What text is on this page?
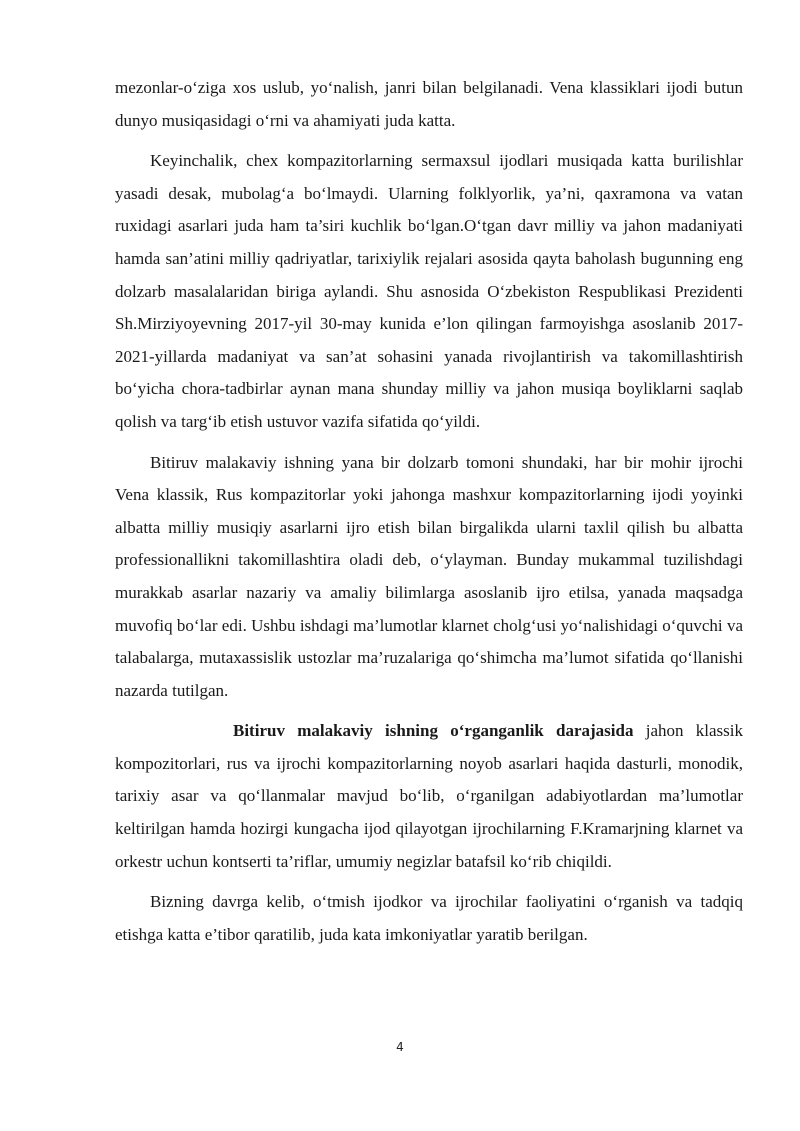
mezonlar-o‘ziga xos uslub, yo‘nalish, janri bilan belgilanadi. Vena klassiklari ijodi butun dunyo musiqasidagi o‘rni va ahamiyati juda katta.

Keyinchalik, chex kompazitorlarning sermaxsul ijodlari musiqada katta burilishlar yasadi desak, mubolag‘a bo‘lmaydi. Ularning folklyorlik, ya’ni, qaxramona va vatan ruxidagi asarlari juda ham ta’siri kuchlik bo‘lgan.O‘tgan davr milliy va jahon madaniyati hamda san’atini milliy qadriyatlar, tarixiylik rejalari asosida qayta baholash bugunning eng dolzarb masalalaridan biriga aylandi. Shu asnosida O‘zbekiston Respublikasi Prezidenti Sh.Mirziyoyevning 2017-yil 30-may kunida e’lon qilingan farmoyishga asoslanib 2017-2021-yillarda madaniyat va san’at sohasini yanada rivojlantirish va takomillashtirish bo‘yicha chora-tadbirlar aynan mana shunday milliy va jahon musiqa boyliklarni saqlab qolish va targ‘ib etish ustuvor vazifa sifatida qo‘yildi.

Bitiruv malakaviy ishning yana bir dolzarb tomoni shundaki, har bir mohir ijrochi Vena klassik, Rus kompazitorlar yoki jahonga mashxur kompazitorlarning ijodi yoyinki albatta milliy musiqiy asarlarni ijro etish bilan birgalikda ularni taxlil qilish bu albatta professionallikni takomillashtira oladi deb, o‘ylayman. Bunday mukammal tuzilishdagi murakkab asarlar nazariy va amaliy bilimlarga asoslanib ijro etilsa, yanada maqsadga muvofiq bo‘lar edi. Ushbu ishdagi ma’lumotlar klarnet cholg‘usi yo‘nalishidagi o‘quvchi va talabalarga, mutaxassislik ustozlar ma’ruzalariga qo‘shimcha ma’lumot sifatida qo‘llanishi nazarda tutilgan.

Bitiruv malakaviy ishning o‘rganganlik darajasida jahon klassik kompozitorlari, rus va ijrochi kompazitorlarning noyob asarlari haqida dasturli, monodik, tarixiy asar va qo‘llanmalar mavjud bo‘lib, o‘rganilgan adabiyotlardan ma’lumotlar keltirilgan hamda hozirgi kungacha ijod qilayotgan ijrochilarning F.Kramarjning klarnet va orkestr uchun kontserti ta’riflar, umumiy negizlar batafsil ko‘rib chiqildi.

Bizning davrga kelib, o‘tmish ijodkor va ijrochilar faoliyatini o‘rganish va tadqiq etishga katta e’tibor qaratilib, juda kata imkoniyatlar yaratib berilgan.

4
